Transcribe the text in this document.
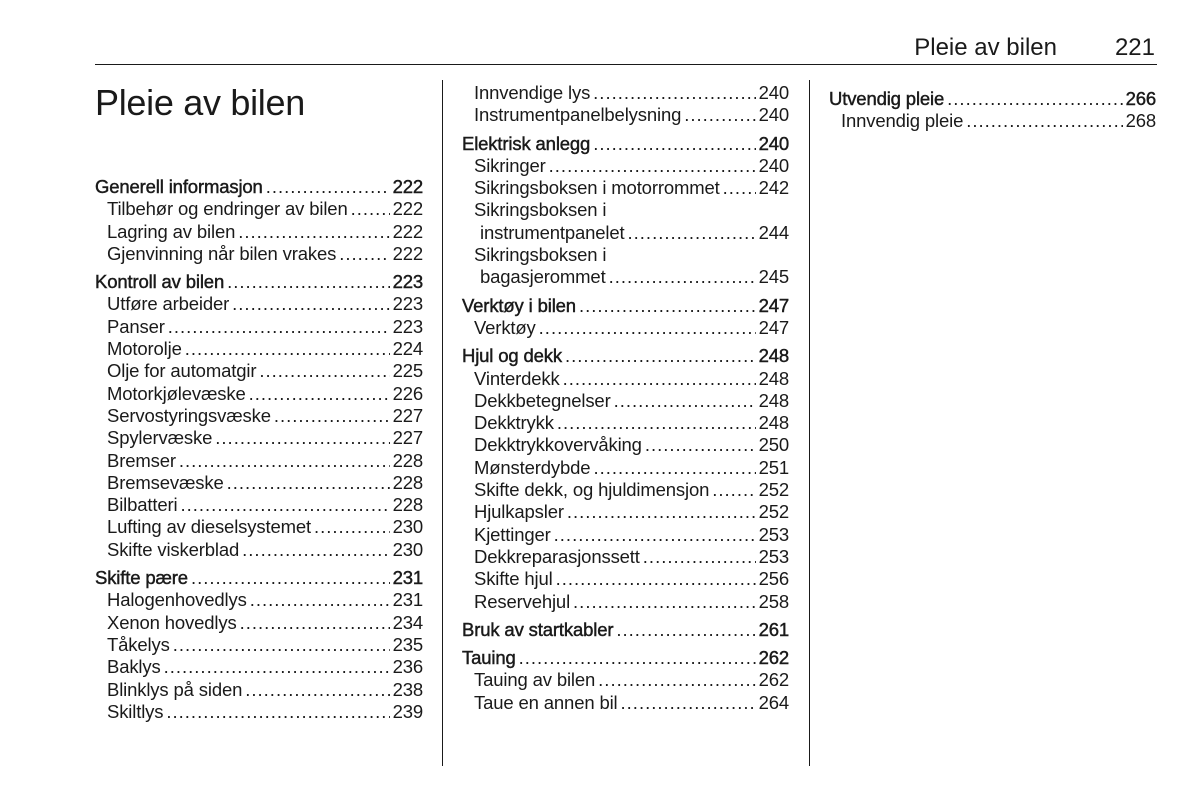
Pleie av bilen 221
Pleie av bilen
Generell informasjon .....	222
Tilbehør og endringer av bilen ..... 222
Lagring av bilen .....	222
Gjenvinning når bilen vrakes .....	222
Kontroll av bilen .....	223
Utføre arbeider .....	223
Panser .....	223
Motorolje .....	224
Olje for automatgir .....	225
Motorkjølevæske .....	226
Servostyringsvæske .....	227
Spylervæske .....	227
Bremser .....	228
Bremsevæske .....	228
Bilbatteri .....	228
Lufting av dieselsystemet .....	230
Skifte viskerblad .....	230
Skifte pære .....	231
Halogenhovedlys .....	231
Xenon hovedlys .....	234
Tåkelys .....	235
Baklys .....	236
Blinklys på siden .....	238
Skiltlys .....	239
Innvendige lys .....	240
Instrumentpanelbelysning .....	240
Elektrisk anlegg .....	240
Sikringer .....	240
Sikringsboksen i motorrommet ..... 242
Sikringsboksen i
instrumentpanelet .....	244
Sikringsboksen i
bagasjerommet .....	245
Verktøy i bilen .....	247
Verktøy .....	247
Hjul og dekk .....	248
Vinterdekk .....	248
Dekkbetegnelser .....	248
Dekktrykk .....	248
Dekktrykkovervåking .....	250
Mønsterdybde .....	251
Skifte dekk, og hjuldimensjon .....	252
Hjulkapsler .....	252
Kjettinger .....	253
Dekkreparasjonssett .....	253
Skifte hjul .....	256
Reservehjul .....	258
Bruk av startkabler .....	261
Tauing .....	262
Tauing av bilen .....	262
Taue en annen bil .....	264
Utvendig pleie .....	266
Innvendig pleie .....	268
